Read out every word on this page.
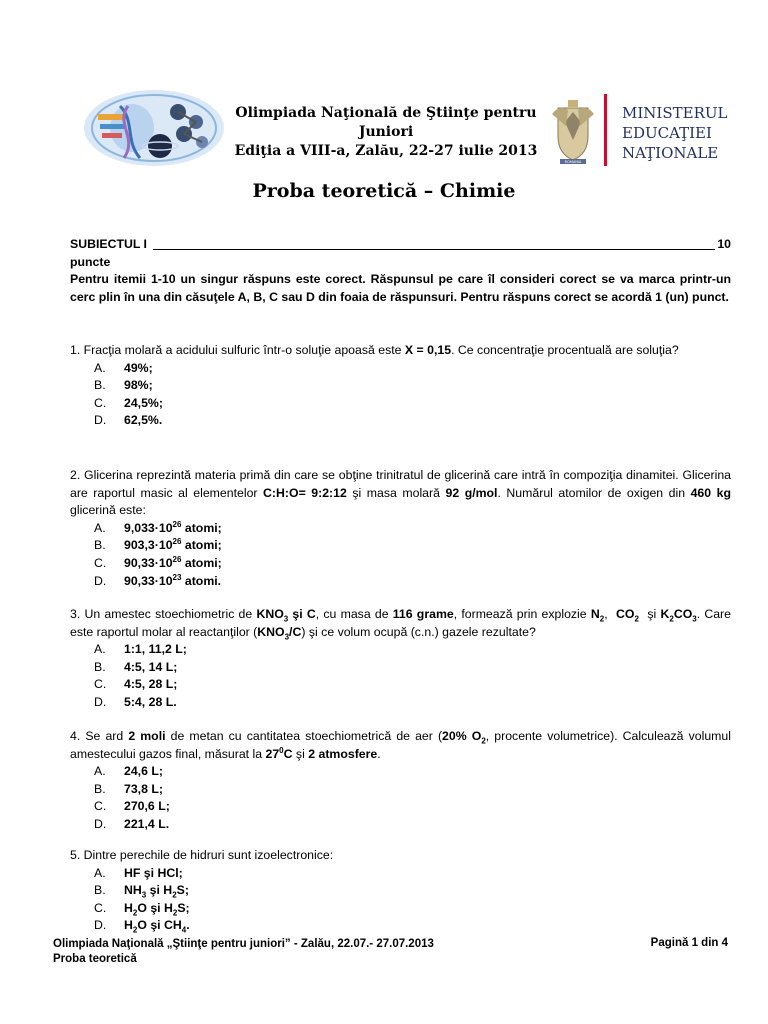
Olimpiada Naţională de Ştiinţe pentru
Juniori
Ediţia a VIII-a, Zalău, 22-27 iulie 2013
ROMANIA
MINISTERUL
EDUCAŢIEI
NAŢIONALE
Proba teoretică – Chimie
SUBIECTUL I	10
puncte

Pentru itemii 1-10 un singur răspuns este corect. Răspunsul pe care îl consideri corect se va marca printr-un cerc plin în una din căsuţele A, B, C sau D din foaia de răspunsuri. Pentru răspuns corect se acordă 1 (un) punct.

1. Fracţia molară a acidului sulfuric într-o soluţie apoasă este X = 0,15. Ce concentraţie procentuală are soluţia?

A. 49%;
B. 98%;
C. 24,5%;
D. 62,5%.

2. Glicerina reprezintă materia primă din care se obţine trinitratul de glicerină care intră în compoziţia dinamitei. Glicerina are raportul masic al elementelor C:H:O= 9:2:12 şi masa molară 92 g/mol. Numărul atomilor de oxigen din 460 kg glicerină este:

A. $9,033\cdot 10^{26}$ atomi;
B. $903,3\cdot 10^{26}$ atomi;
C. $90,33\cdot 10^{26}$ atomi;
D. $90,33\cdot 10^{23}$ atomi.

3. Un amestec stoechiometric de $KNO_3$ şi C, cu masa de 116 grame, formează prin explozie $N_2$, $CO_2$ şi $K_2CO_3$. Care este raportul molar al reactanţilor $(KNO_3/C)$ şi ce volum ocupă (c.n.) gazele rezultate?

A. 1:1, 11,2 L;
B. 4:5, 14 L;
C. 4:5, 28 L;
D. 5:4, 28 L.

4. Se ard 2 moli de metan cu cantitatea stoechiometrică de aer (20% $O_2$, procente volumetrice). Calculează volumul amestecului gazos final, măsurat la $27^0C$ şi 2 atmosfere.

A. 24,6 L;
B. 73,8 L;
C. 270,6 L;
D. 221,4 L.

5. Dintre perechile de hidruri sunt izoelectronice:

A. HF şi HCl;
B. $NH_3$ şi $H_2S$;
C. $H_2O$ şi $H_2S$;
D. $H_2O$ şi $CH_4$.
Olimpiada Naţională „Ştiinţe pentru juniori” - Zalău, 22.07.- 27.07.2013
Proba teoretică
Pagină 1 din 4
